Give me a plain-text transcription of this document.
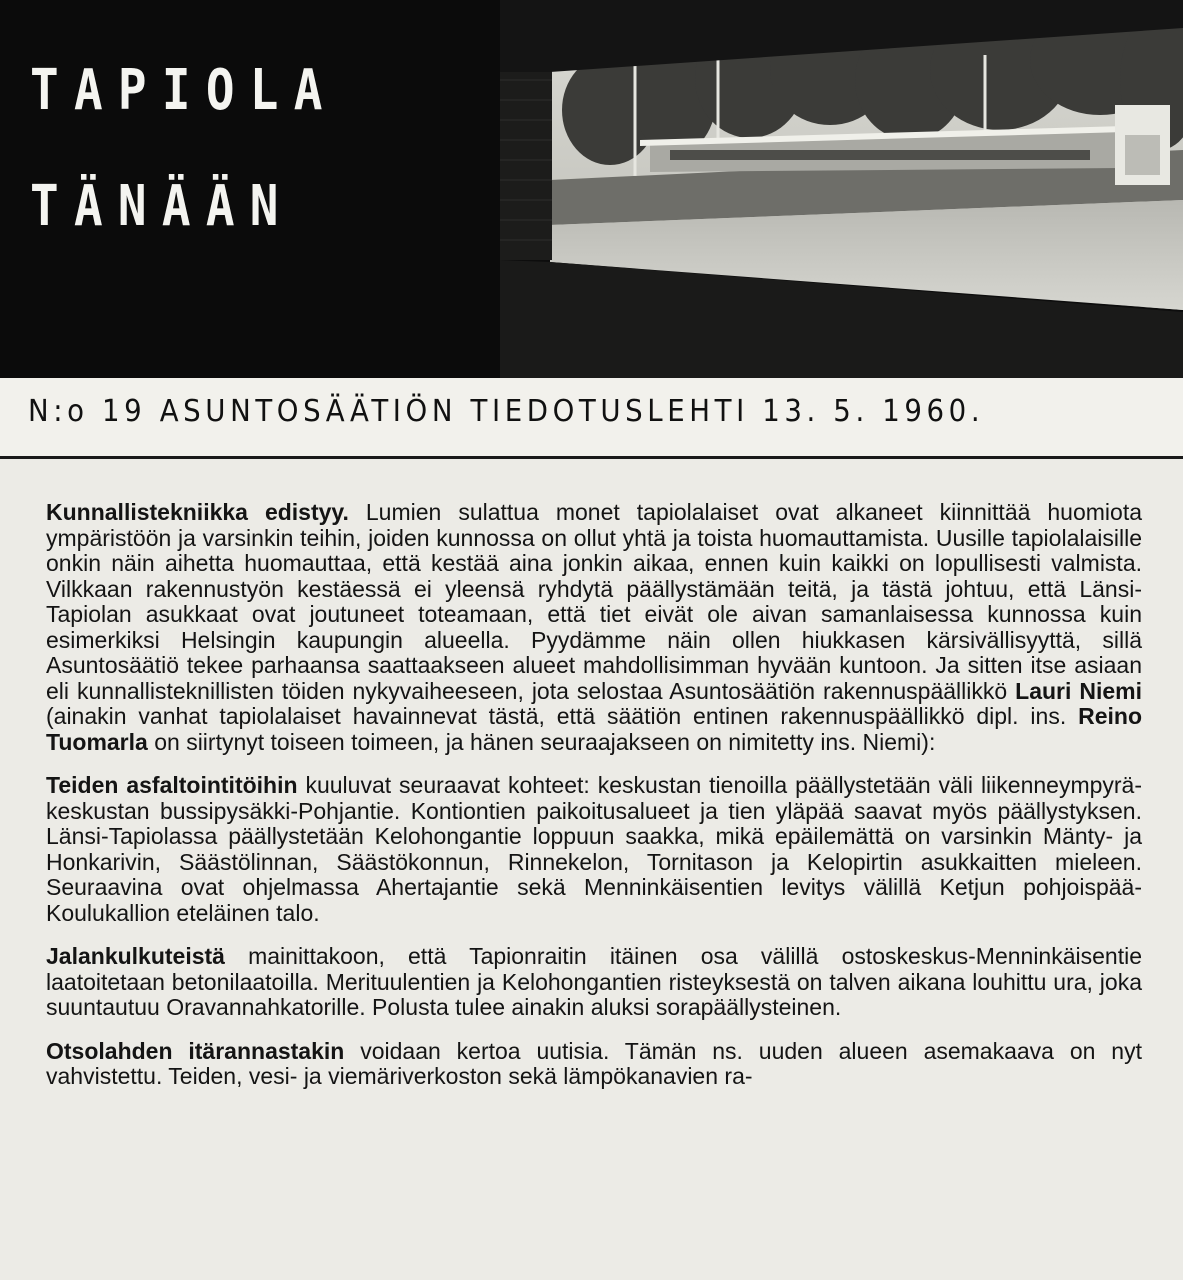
TAPIOLA
TÄNÄÄN
N:o 19 ASUNTOSÄÄTIÖN TIEDOTUSLEHTI 13. 5. 1960.

Kunnallistekniikka edistyy. Lumien sulattua monet tapiolalaiset ovat alkaneet kiinnittää huomiota ympäristöön ja varsinkin teihin, joiden kunnossa on ollut yhtä ja toista huomauttamista. Uusille tapiolalaisille onkin näin aihetta huomauttaa, että kestää aina jonkin aikaa, ennen kuin kaikki on lopullisesti valmista. Vilkkaan rakennustyön kestäessä ei yleensä ryhdytä päällystämään teitä, ja tästä johtuu, että Länsi-Tapiolan asukkaat ovat joutuneet toteamaan, että tiet eivät ole aivan samanlaisessa kunnossa kuin esimerkiksi Helsingin kaupungin alueella. Pyydämme näin ollen hiukkasen kärsivällisyyttä, sillä Asuntosäätiö tekee parhaansa saattaakseen alueet mahdollisimman hyvään kuntoon. Ja sitten itse asiaan eli kunnallisteknillisten töiden nykyvaiheeseen, jota selostaa Asuntosäätiön rakennuspäällikkö Lauri Niemi (ainakin vanhat tapiolalaiset havainnevat tästä, että säätiön entinen rakennuspäällikkö dipl. ins. Reino Tuomarla on siirtynyt toiseen toimeen, ja hänen seuraajakseen on nimitetty ins. Niemi):

Teiden asfaltointitöihin kuuluvat seuraavat kohteet: keskustan tienoilla päällystetään väli liikenneympyrä-keskustan bussipysäkki-Pohjantie. Kontiontien paikoitusalueet ja tien yläpää saavat myös päällystyksen. Länsi-Tapiolassa päällystetään Kelohongantie loppuun saakka, mikä epäilemättä on varsinkin Mänty- ja Honkarivin, Säästölinnan, Säästökonnun, Rinnekelon, Tornitason ja Kelopirtin asukkaitten mieleen. Seuraavina ovat ohjelmassa Ahertajantie sekä Menninkäisentien levitys välillä Ketjun pohjoispää-Koulukallion eteläinen talo.

Jalankulkuteistä mainittakoon, että Tapionraitin itäinen osa välillä ostoskeskus-Menninkäisentie laatoitetaan betonilaatoilla. Merituulentien ja Kelohongantien risteyksestä on talven aikana louhittu ura, joka suuntautuu Oravannahkatorille. Polusta tulee ainakin aluksi sorapäällysteinen.

Otsolahden itärannastakin voidaan kertoa uutisia. Tämän ns. uuden alueen asemakaava on nyt vahvistettu. Teiden, vesi- ja viemäriverkoston sekä lämpökanavien ra-
